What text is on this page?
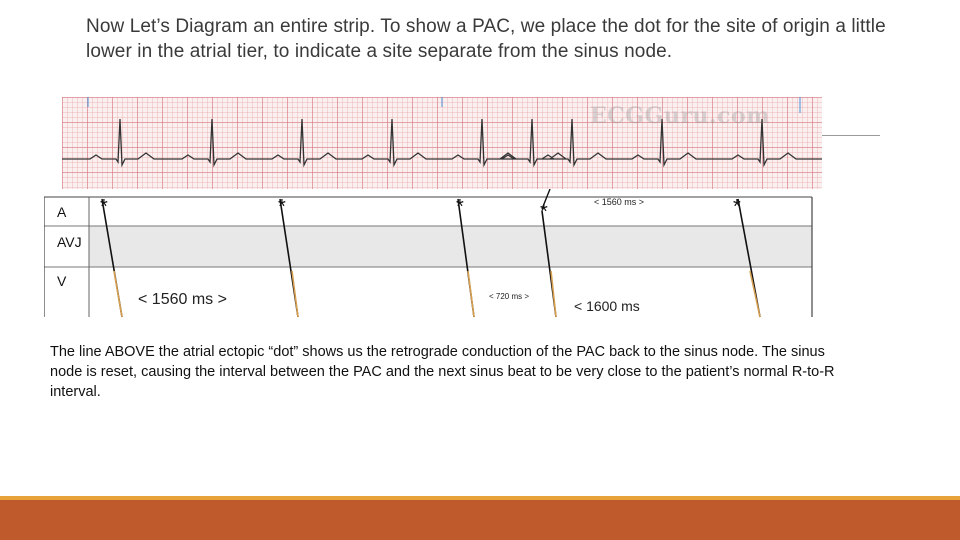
Now Let’s Diagram an entire strip. To show a PAC, we place the dot for the site of origin a little lower in the atrial tier, to indicate a site separate from the sinus node.
ECGGuru.com
*	*	*	*	*
A
AVJ
V
< 1560 ms >	< 720 ms >
< 1560 ms >
< 1600 ms
The line ABOVE the atrial ectopic “dot” shows us the retrograde conduction of the PAC back to the sinus node. The sinus node is reset, causing the interval between the PAC and the next sinus beat to be very close to the patient’s normal R-to-R interval.
